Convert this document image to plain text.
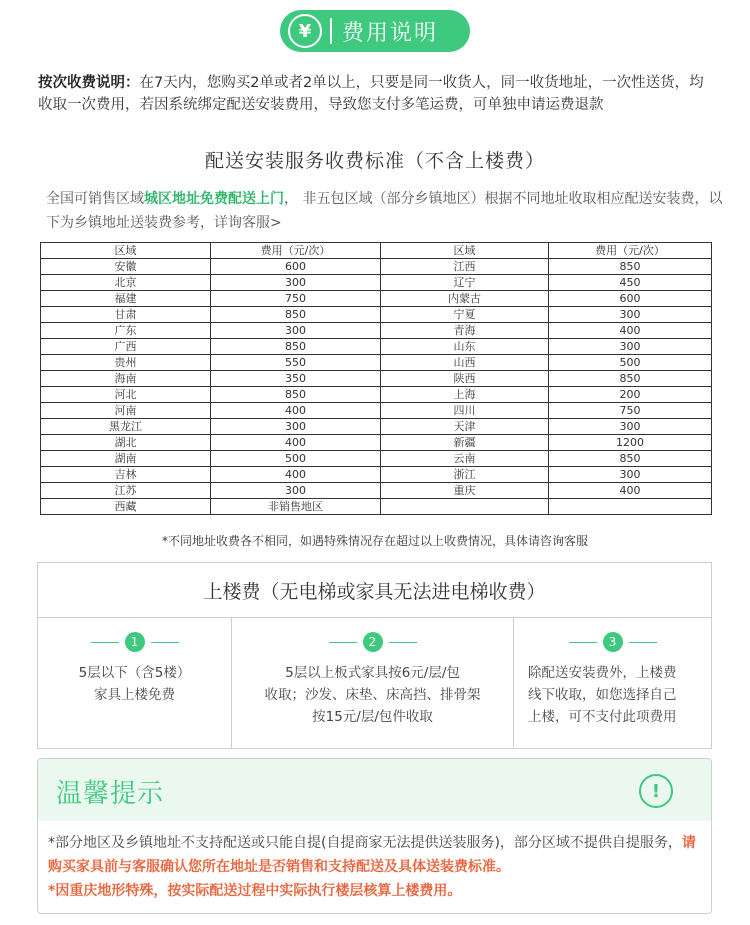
¥	费用说明
按次收费说明：在7天内，您购买2单或者2单以上，只要是同一收货人，同一收货地址，一次性送货，均收取一次费用，若因系统绑定配送安装费用，导致您支付多笔运费，可单独申请运费退款
配送安装服务收费标准（不含上楼费）
全国可销售区域城区地址免费配送上门， 非五包区域（部分乡镇地区）根据不同地址收取相应配送安装费，以下为乡镇地址送装费参考，详询客服>
区域	费用（元/次）	区域	费用（元/次）
安徽	600	江西	850
北京	300	辽宁	450
福建	750	内蒙古	600
甘肃	850	宁夏	300
广东	300	青海	400
广西	850	山东	300
贵州	550	山西	500
海南	350	陕西	850
河北	850	上海	200
河南	400	四川	750
黑龙江	300	天津	300
湖北	400	新疆	1200
湖南	500	云南	850
吉林	400	浙江	300
江苏	300	重庆	400
西藏	非销售地区		
*不同地址收费各不相同，如遇特殊情况存在超过以上收费情况，具体请咨询客服
上楼费（无电梯或家具无法进电梯收费）
1
5层以下（含5楼）
家具上楼免费
2
5层以上板式家具按6元/层/包
收取；沙发、床垫、床高挡、排骨架
按15元/层/包件收取
3
除配送安装费外，上楼费
线下收取，如您选择自己
上楼，可不支付此项费用
温馨提示	!
*部分地区及乡镇地址不支持配送或只能自提(自提商家无法提供送装服务)，部分区域不提供自提服务，请购买家具前与客服确认您所在地址是否销售和支持配送及具体送装费标准。
*因重庆地形特殊，按实际配送过程中实际执行楼层核算上楼费用。
